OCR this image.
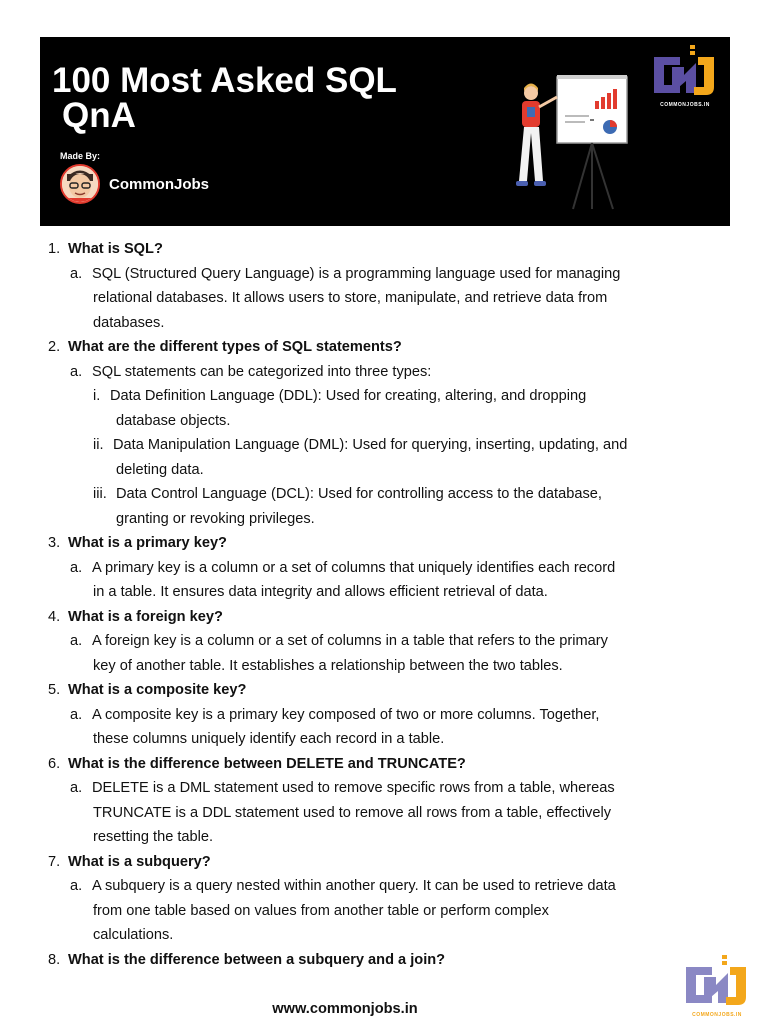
100 Most Asked SQL
QnA
Made By:
CommonJobs
COMMONJOBS.IN
1. What is SQL?
a. SQL (Structured Query Language) is a programming language used for managing
relational databases. It allows users to store, manipulate, and retrieve data from
databases.
2. What are the different types of SQL statements?
a. SQL statements can be categorized into three types:
i. Data Definition Language (DDL): Used for creating, altering, and dropping
database objects.
ii. Data Manipulation Language (DML): Used for querying, inserting, updating, and
deleting data.
iii. Data Control Language (DCL): Used for controlling access to the database,
granting or revoking privileges.
3. What is a primary key?
a. A primary key is a column or a set of columns that uniquely identifies each record
in a table. It ensures data integrity and allows efficient retrieval of data.
4. What is a foreign key?
a. A foreign key is a column or a set of columns in a table that refers to the primary
key of another table. It establishes a relationship between the two tables.
5. What is a composite key?
a. A composite key is a primary key composed of two or more columns. Together,
these columns uniquely identify each record in a table.
6. What is the difference between DELETE and TRUNCATE?
a. DELETE is a DML statement used to remove specific rows from a table, whereas
TRUNCATE is a DDL statement used to remove all rows from a table, effectively
resetting the table.
7. What is a subquery?
a. A subquery is a query nested within another query. It can be used to retrieve data
from one table based on values from another table or perform complex
calculations.
8. What is the difference between a subquery and a join?
www.commonjobs.in	COMMONJOBS.IN
